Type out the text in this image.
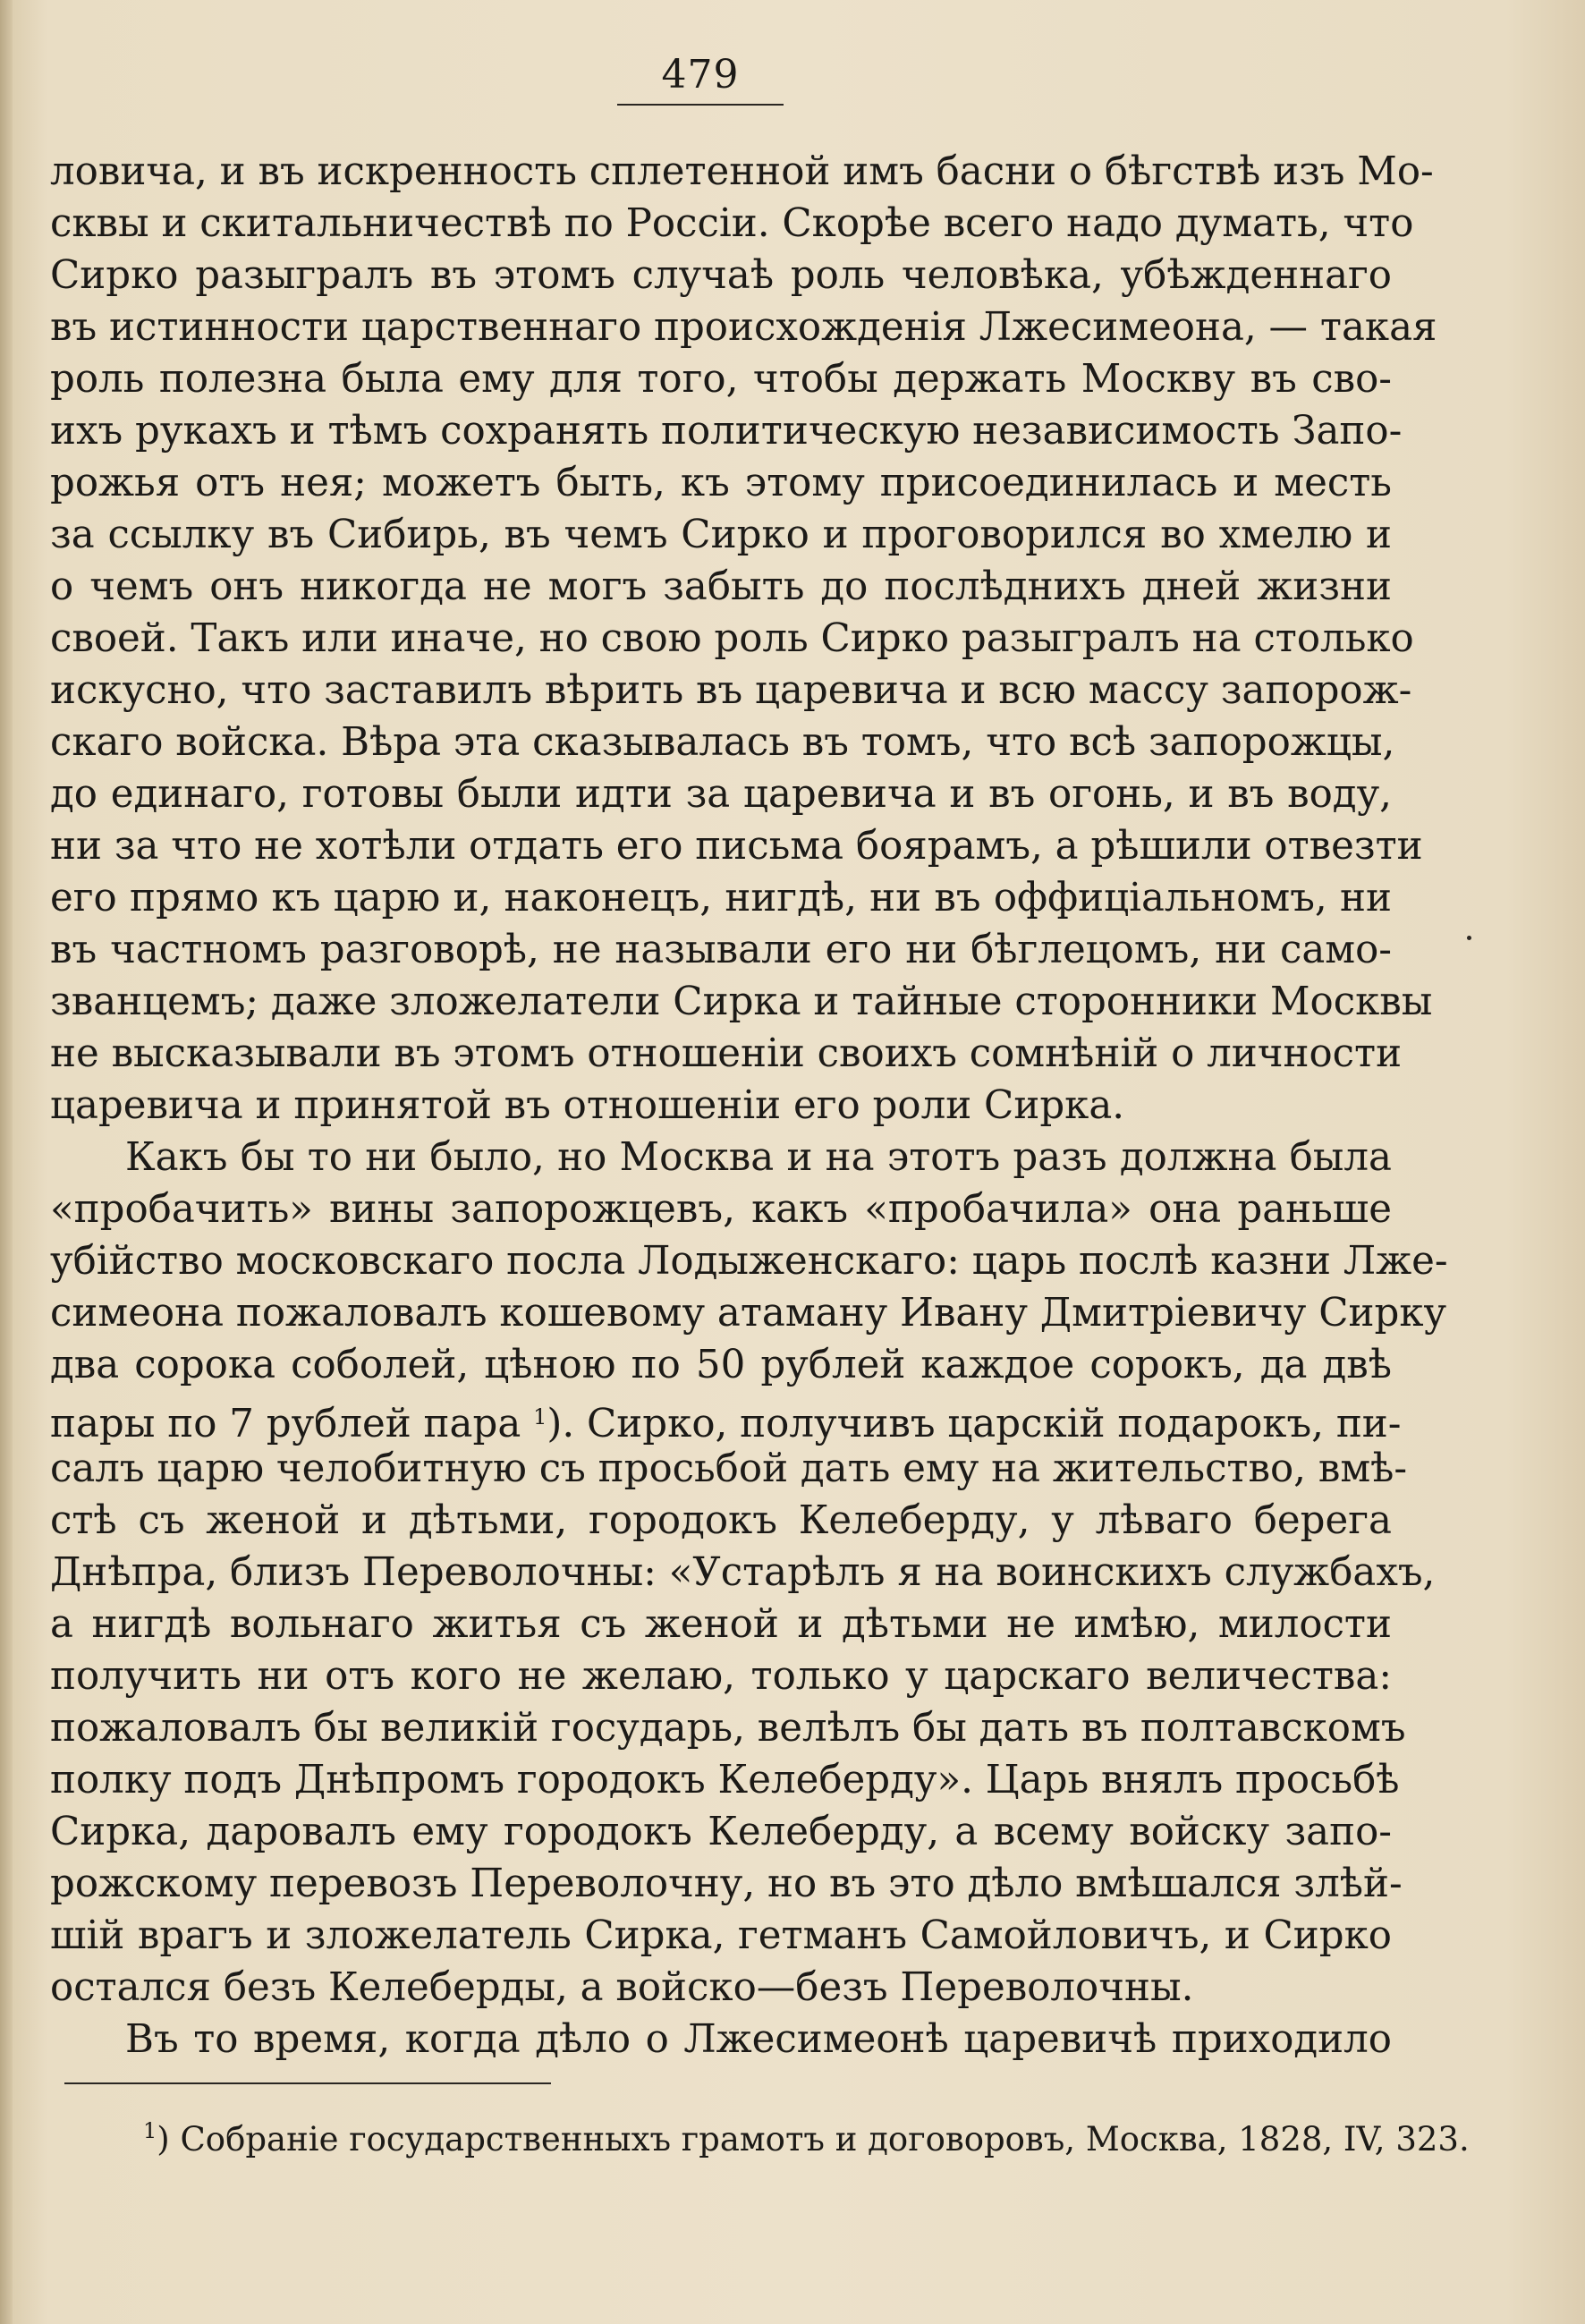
479
ловича, и въ искренность сплетенной имъ басни о бѣгствѣ изъ Мо-
сквы и скитальничествѣ по Россіи. Скорѣе всего надо думать, что
Сирко разыгралъ въ этомъ случаѣ роль человѣка, убѣжденнаго
въ истинности царственнаго происхожденія Лжесимеона, — такая
роль полезна была ему для того, чтобы держать Москву въ сво-
ихъ рукахъ и тѣмъ сохранять политическую независимость Запо-
рожья отъ нея; можетъ быть, къ этому присоединилась и месть
за ссылку въ Сибирь, въ чемъ Сирко и проговорился во хмелю и
о чемъ онъ никогда не могъ забыть до послѣднихъ дней жизни
своей. Такъ или иначе, но свою роль Сирко разыгралъ на столько
искусно, что заставилъ вѣрить въ царевича и всю массу запорож-
скаго войска. Вѣра эта сказывалась въ томъ, что всѣ запорожцы,
до единаго, готовы были идти за царевича и въ огонь, и въ воду,
ни за что не хотѣли отдать его письма боярамъ, а рѣшили отвезти
его прямо къ царю и, наконецъ, нигдѣ, ни въ оффиціальномъ, ни
въ частномъ разговорѣ, не называли его ни бѣглецомъ, ни само-
званцемъ; даже зложелатели Сирка и тайные сторонники Москвы
не высказывали въ этомъ отношеніи своихъ сомнѣній о личности
царевича и принятой въ отношеніи его роли Сирка.
Какъ бы то ни было, но Москва и на этотъ разъ должна была
«пробачить» вины запорожцевъ, какъ «пробачила» она раньше
убійство московскаго посла Лодыженскаго: царь послѣ казни Лже-
симеона пожаловалъ кошевому атаману Ивану Дмитріевичу Сирку
два сорока соболей, цѣною по 50 рублей каждое сорокъ, да двѣ
пары по 7 рублей пара $^1$). Сирко, получивъ царскій подарокъ, пи-
салъ царю челобитную съ просьбой дать ему на жительство, вмѣ-
стѣ съ женой и дѣтьми, городокъ Келеберду, у лѣваго берега
Днѣпра, близъ Переволочны: «Устарѣлъ я на воинскихъ службахъ,
а нигдѣ вольнаго житья съ женой и дѣтьми не имѣю, милости
получить ни отъ кого не желаю, только у царскаго величества:
пожаловалъ бы великій государь, велѣлъ бы дать въ полтавскомъ
полку подъ Днѣпромъ городокъ Келеберду». Царь внялъ просьбѣ
Сирка, даровалъ ему городокъ Келеберду, а всему войску запо-
рожскому перевозъ Переволочну, но въ это дѣло вмѣшался злѣй-
шій врагъ и зложелатель Сирка, гетманъ Самойловичъ, и Сирко
остался безъ Келеберды, а войско—безъ Переволочны.
Въ то время, когда дѣло о Лжесимеонѣ царевичѣ приходило
$^1$) Собраніе государственныхъ грамотъ и договоровъ, Москва, 1828, IV, 323.
